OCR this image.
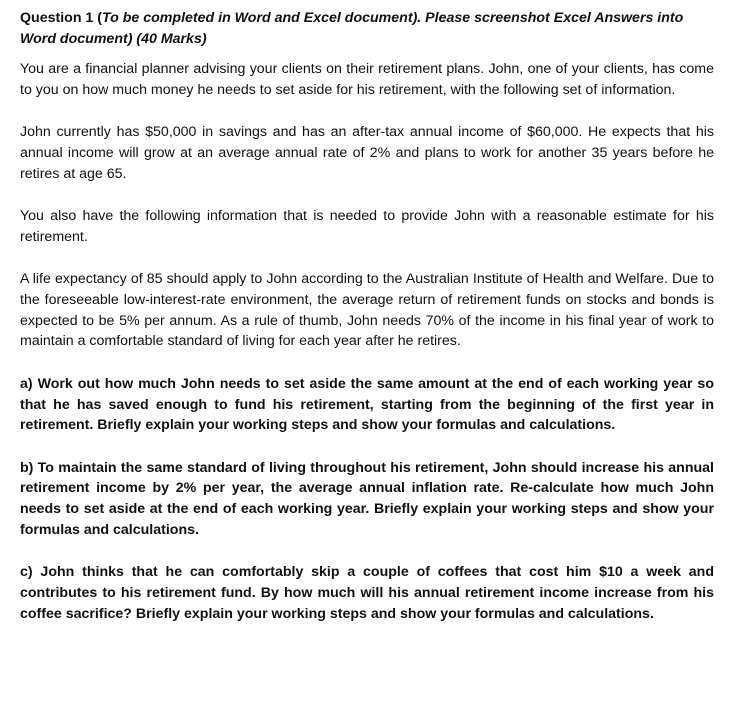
Question 1 (To be completed in Word and Excel document). Please screenshot Excel Answers into Word document) (40 Marks)

You are a financial planner advising your clients on their retirement plans. John, one of your clients, has come to you on how much money he needs to set aside for his retirement, with the following set of information.

John currently has $50,000 in savings and has an after-tax annual income of $60,000. He expects that his annual income will grow at an average annual rate of 2% and plans to work for another 35 years before he retires at age 65.

You also have the following information that is needed to provide John with a reasonable estimate for his retirement.

A life expectancy of 85 should apply to John according to the Australian Institute of Health and Welfare. Due to the foreseeable low-interest-rate environment, the average return of retirement funds on stocks and bonds is expected to be 5% per annum. As a rule of thumb, John needs 70% of the income in his final year of work to maintain a comfortable standard of living for each year after he retires.

a) Work out how much John needs to set aside the same amount at the end of each working year so that he has saved enough to fund his retirement, starting from the beginning of the first year in retirement. Briefly explain your working steps and show your formulas and calculations.

b) To maintain the same standard of living throughout his retirement, John should increase his annual retirement income by 2% per year, the average annual inflation rate. Re-calculate how much John needs to set aside at the end of each working year. Briefly explain your working steps and show your formulas and calculations.

c) John thinks that he can comfortably skip a couple of coffees that cost him $10 a week and contributes to his retirement fund. By how much will his annual retirement income increase from his coffee sacrifice? Briefly explain your working steps and show your formulas and calculations.
